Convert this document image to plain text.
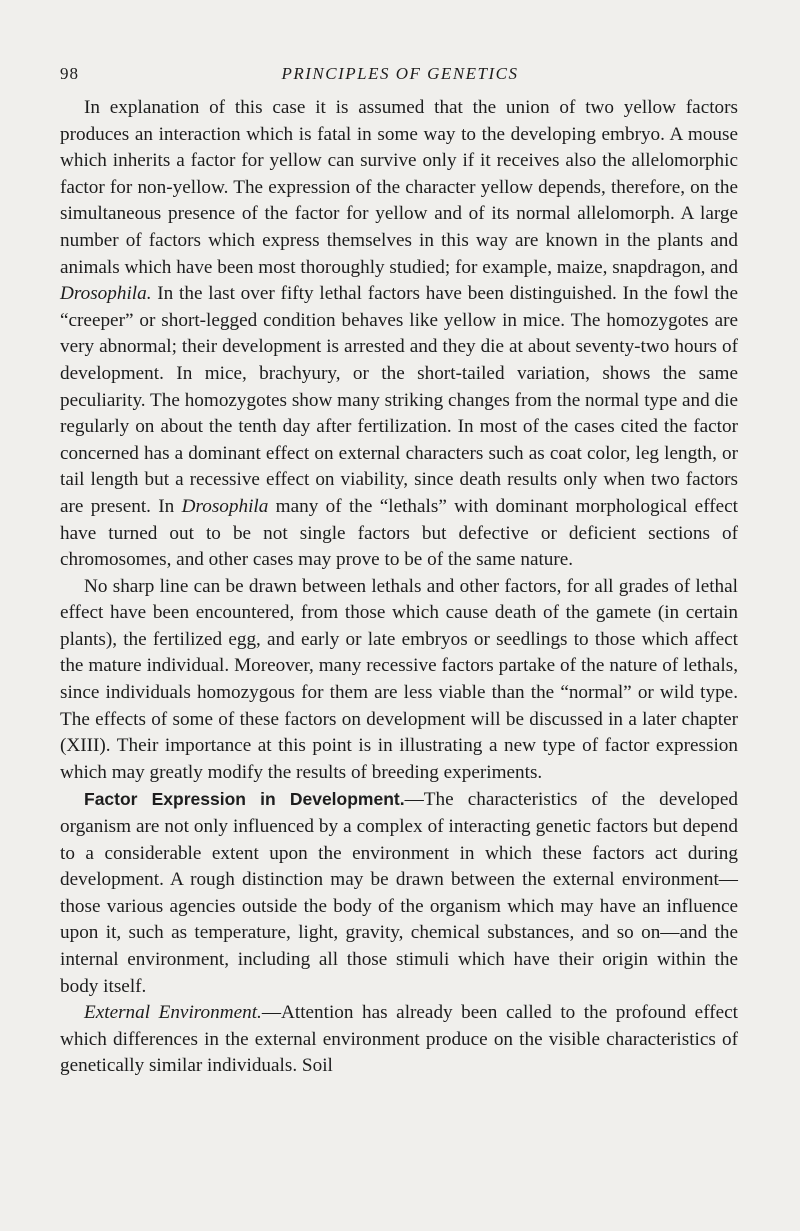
98	PRINCIPLES OF GENETICS

In explanation of this case it is assumed that the union of two yellow factors produces an interaction which is fatal in some way to the developing embryo. A mouse which inherits a factor for yellow can survive only if it receives also the allelomorphic factor for non-yellow. The expression of the character yellow depends, therefore, on the simultaneous presence of the factor for yellow and of its normal allelomorph. A large number of factors which express themselves in this way are known in the plants and animals which have been most thoroughly studied; for example, maize, snapdragon, and Drosophila. In the last over fifty lethal factors have been distinguished. In the fowl the “creeper” or short-legged condition behaves like yellow in mice. The homozygotes are very abnormal; their development is arrested and they die at about seventy-two hours of development. In mice, brachyury, or the short-tailed variation, shows the same peculiarity. The homozygotes show many striking changes from the normal type and die regularly on about the tenth day after fertilization. In most of the cases cited the factor concerned has a dominant effect on external characters such as coat color, leg length, or tail length but a recessive effect on viability, since death results only when two factors are present. In Drosophila many of the “lethals” with dominant morphological effect have turned out to be not single factors but defective or deficient sections of chromosomes, and other cases may prove to be of the same nature.

No sharp line can be drawn between lethals and other factors, for all grades of lethal effect have been encountered, from those which cause death of the gamete (in certain plants), the fertilized egg, and early or late embryos or seedlings to those which affect the mature individual. Moreover, many recessive factors partake of the nature of lethals, since individuals homozygous for them are less viable than the “normal” or wild type. The effects of some of these factors on development will be discussed in a later chapter (XIII). Their importance at this point is in illustrating a new type of factor expression which may greatly modify the results of breeding experiments.

Factor Expression in Development.—The characteristics of the developed organism are not only influenced by a complex of interacting genetic factors but depend to a considerable extent upon the environment in which these factors act during development. A rough distinction may be drawn between the external environment—those various agencies outside the body of the organism which may have an influence upon it, such as temperature, light, gravity, chemical substances, and so on—and the internal environment, including all those stimuli which have their origin within the body itself.

External Environment.—Attention has already been called to the profound effect which differences in the external environment produce on the visible characteristics of genetically similar individuals. Soil
